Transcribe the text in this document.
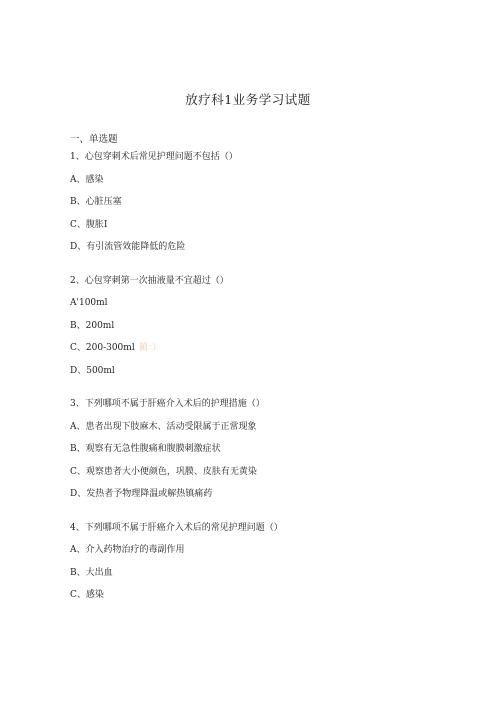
放疗科1业务学习试题
一、单选题
1、心包穿刺术后常见护理问题不包括（）
A、感染
B、心脏压塞
C、腹胀I
D、有引流管效能降低的危险
2、心包穿刺第一次抽液量不宜超过（）
A'100ml
B、200ml
C、200-300ml 蔺：）
D、500ml
3、下列哪项不属于肝癌介入术后的护理措施（）
A、患者出现下肢麻木、活动受限属于正常现象
B、观察有无急性腹痛和腹膜刺激症状
C、观察患者大小便颜色，巩膜、皮肤有无黄染
D、发热者予物理降温或解热镇痛药
4、下列哪项不属于肝癌介入术后的常见护理问题（）
A、介入药物治疗的毒副作用
B、大出血
C、感染
